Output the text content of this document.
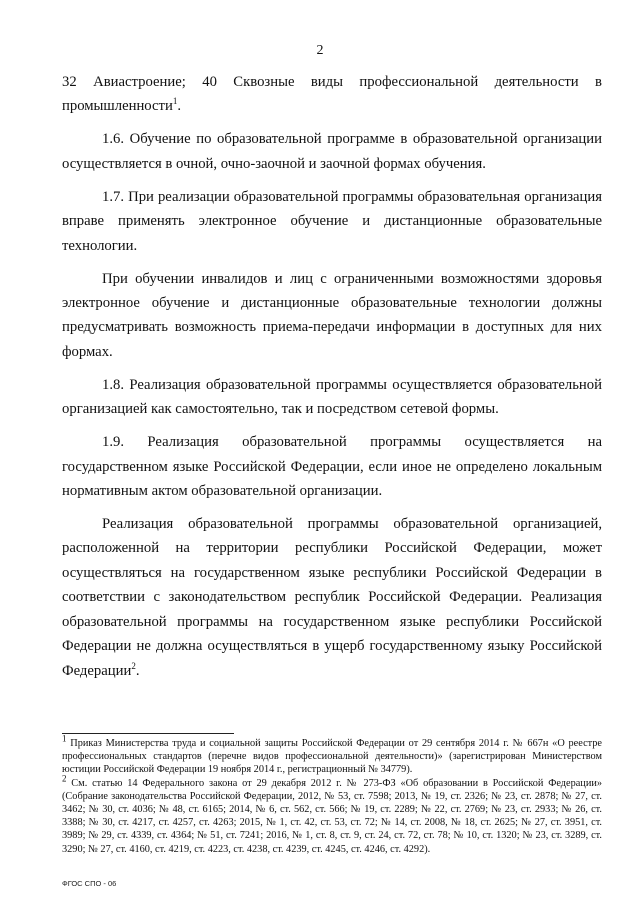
2

32 Авиастроение; 40 Сквозные виды профессиональной деятельности в промышленности$^1$.

1.6. Обучение по образовательной программе в образовательной организации осуществляется в очной, очно-заочной и заочной формах обучения.

1.7. При реализации образовательной программы образовательная организация вправе применять электронное обучение и дистанционные образовательные технологии.

При обучении инвалидов и лиц с ограниченными возможностями здоровья электронное обучение и дистанционные образовательные технологии должны предусматривать возможность приема-передачи информации в доступных для них формах.

1.8. Реализация образовательной программы осуществляется образовательной организацией как самостоятельно, так и посредством сетевой формы.

1.9. Реализация образовательной программы осуществляется на государственном языке Российской Федерации, если иное не определено локальным нормативным актом образовательной организации.

Реализация образовательной программы образовательной организацией, расположенной на территории республики Российской Федерации, может осуществляться на государственном языке республики Российской Федерации в соответствии с законодательством республик Российской Федерации. Реализация образовательной программы на государственном языке республики Российской Федерации не должна осуществляться в ущерб государственному языку Российской Федерации$^2$.

$^1$ Приказ Министерства труда и социальной защиты Российской Федерации от 29 сентября 2014 г. № 667н «О реестре профессиональных стандартов (перечне видов профессиональной деятельности)» (зарегистрирован Министерством юстиции Российской Федерации 19 ноября 2014 г., регистрационный № 34779).

$^2$ См. статью 14 Федерального закона от 29 декабря 2012 г. № 273-ФЗ «Об образовании в Российской Федерации» (Собрание законодательства Российской Федерации, 2012, № 53, ст. 7598; 2013, № 19, ст. 2326; № 23, ст. 2878; № 27, ст. 3462; № 30, ст. 4036; № 48, ст. 6165; 2014, № 6, ст. 562, ст. 566; № 19, ст. 2289; № 22, ст. 2769; № 23, ст. 2933; № 26, ст. 3388; № 30, ст. 4217, ст. 4257, ст. 4263; 2015, № 1, ст. 42, ст. 53, ст. 72; № 14, ст. 2008, № 18, ст. 2625; № 27, ст. 3951, ст. 3989; № 29, ст. 4339, ст. 4364; № 51, ст. 7241; 2016, № 1, ст. 8, ст. 9, ст. 24, ст. 72, ст. 78; № 10, ст. 1320; № 23, ст. 3289, ст. 3290; № 27, ст. 4160, ст. 4219, ст. 4223, ст. 4238, ст. 4239, ст. 4245, ст. 4246, ст. 4292).

ФГОС СПО - 06
